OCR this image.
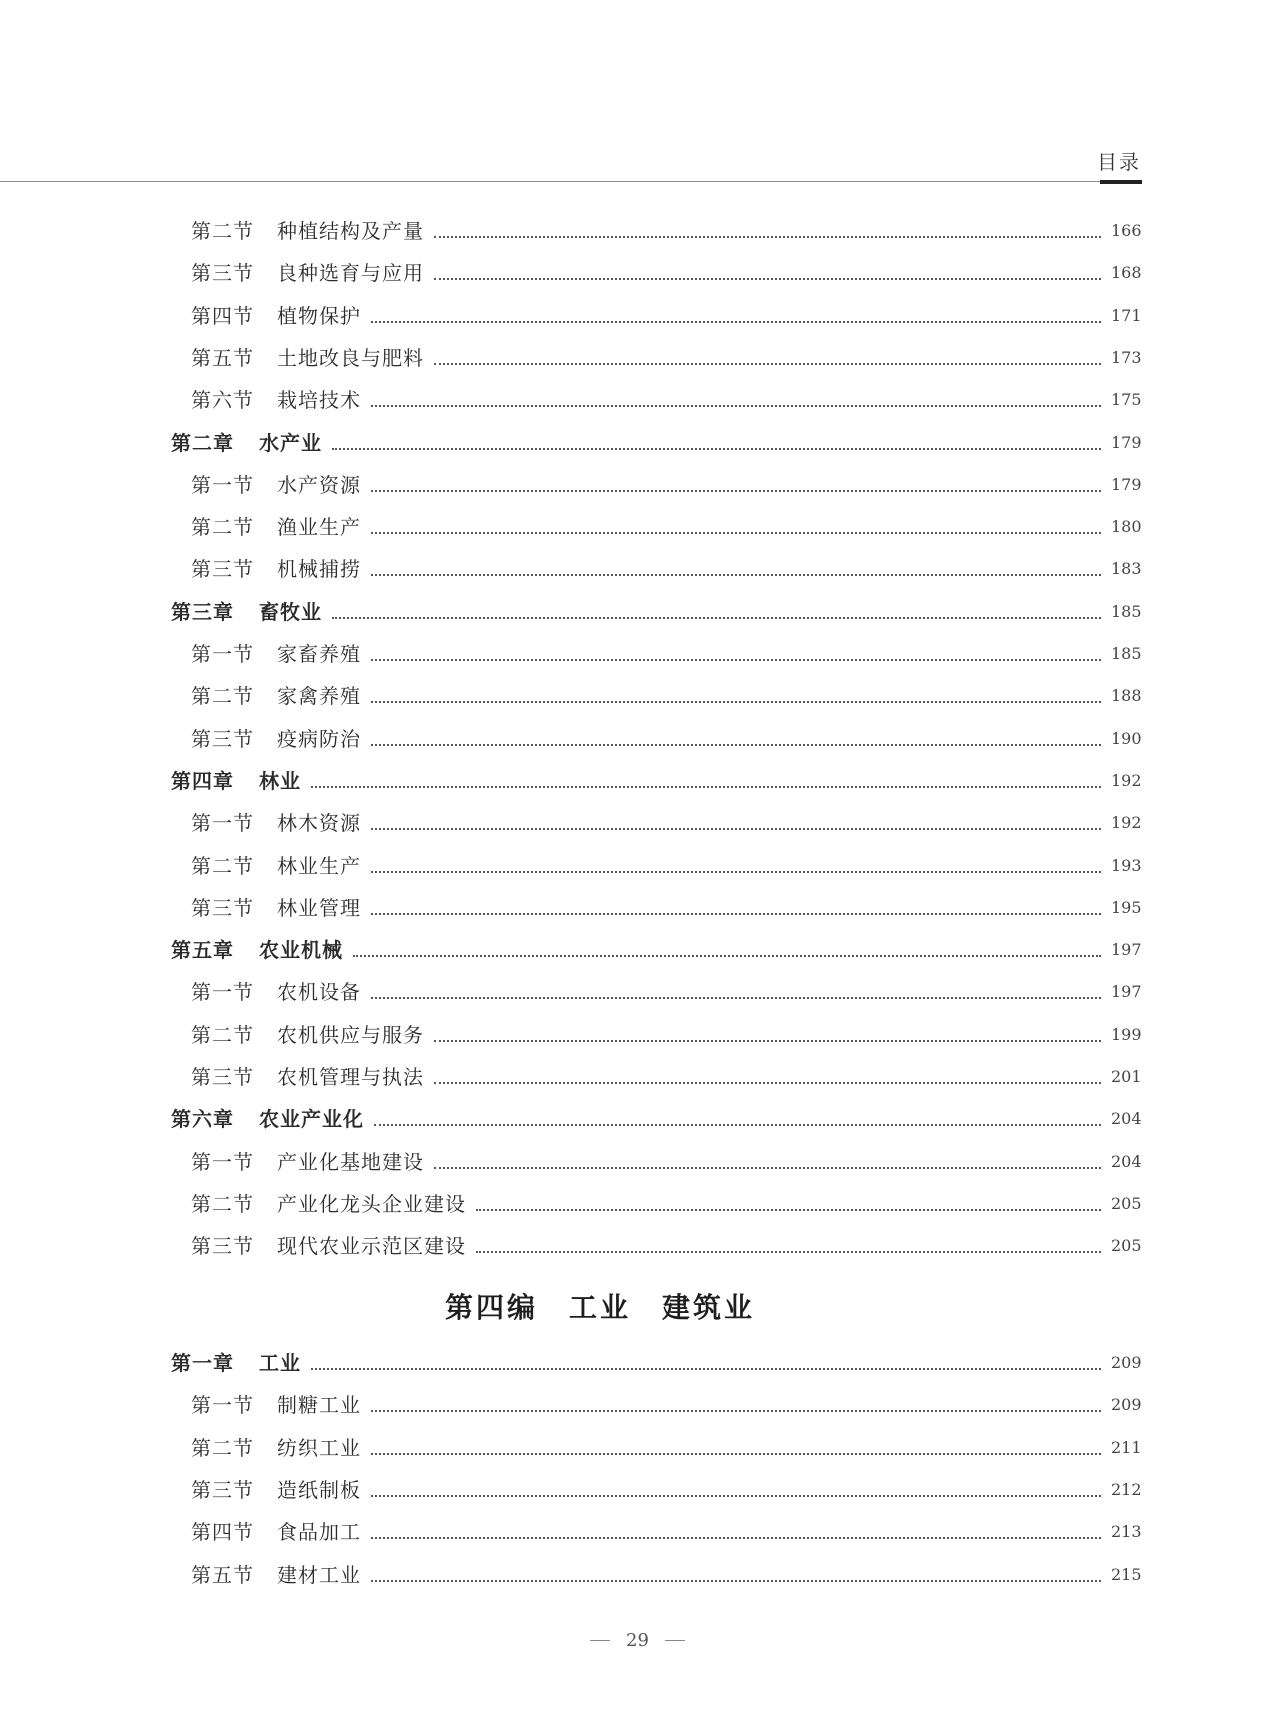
目录
第二节	种植结构及产量	166
第三节	良种选育与应用	168
第四节	植物保护	171
第五节	土地改良与肥料	173
第六节	栽培技术	175
第二章	水产业	179
第一节	水产资源	179
第二节	渔业生产	180
第三节	机械捕捞	183
第三章	畜牧业	185
第一节	家畜养殖	185
第二节	家禽养殖	188
第三节	疫病防治	190
第四章	林业	192
第一节	林木资源	192
第二节	林业生产	193
第三节	林业管理	195
第五章	农业机械	197
第一节	农机设备	197
第二节	农机供应与服务	199
第三节	农机管理与执法	201
第六章	农业产业化	204
第一节	产业化基地建设	204
第二节	产业化龙头企业建设	205
第三节	现代农业示范区建设	205
第一章	工业	209
第一节	制糖工业	209
第二节	纺织工业	211
第三节	造纸制板	212
第四节	食品加工	213
第五节	建材工业	215
第四编　工业　建筑业
29
